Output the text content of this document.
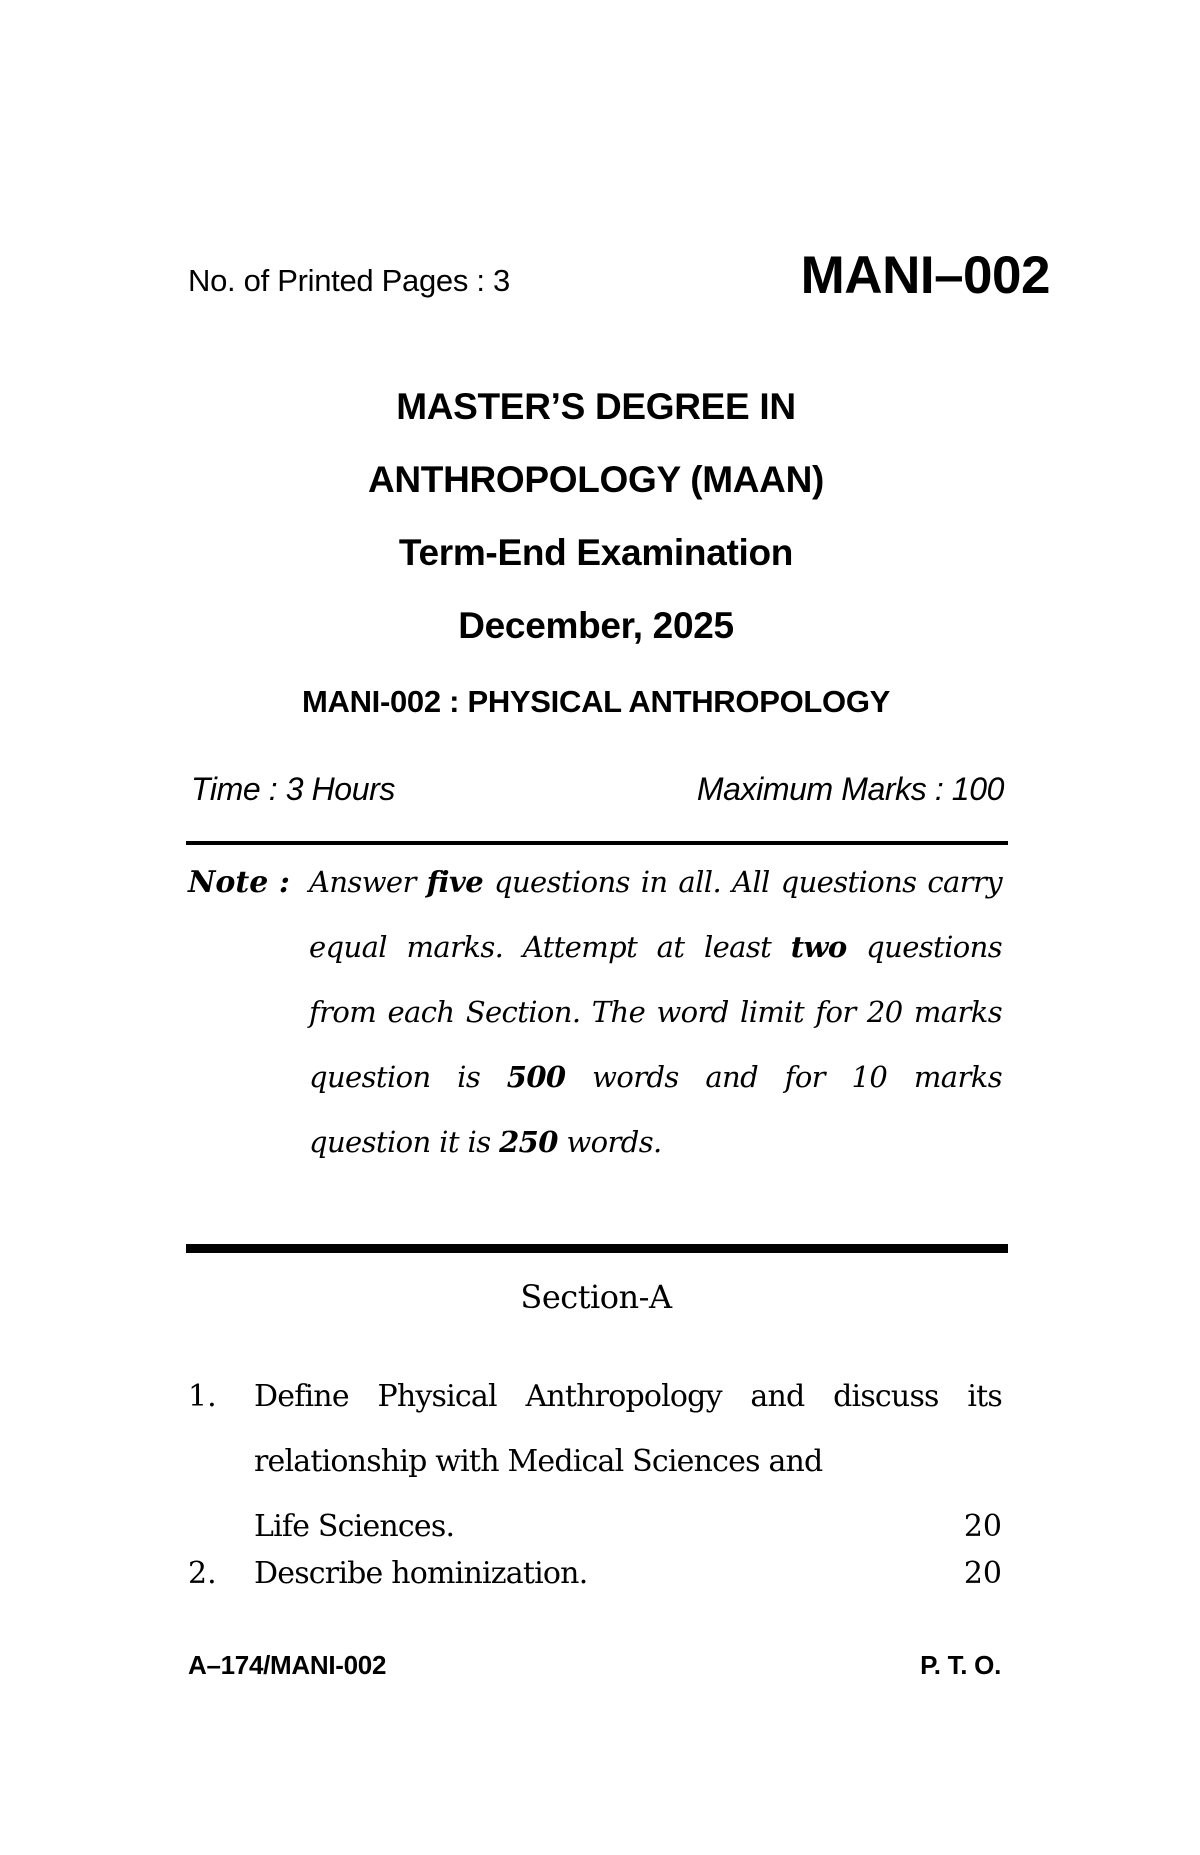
No. of Printed Pages : 3	MANI–002
MASTER’S DEGREE IN
ANTHROPOLOGY (MAAN)
Term-End Examination
December, 2025
MANI-002 : PHYSICAL ANTHROPOLOGY
Time : 3 Hours	Maximum Marks : 100
Note : Answer five questions in all. All questions carry equal marks. Attempt at least two questions from each Section. The word limit for 20 marks question is 500 words and for 10 marks question it is 250 words.
Section-A
1. Define Physical Anthropology and discuss its relationship with Medical Sciences and
Life Sciences.	20
2. Describe hominization.	20
A–174/MANI-002	P. T. O.
